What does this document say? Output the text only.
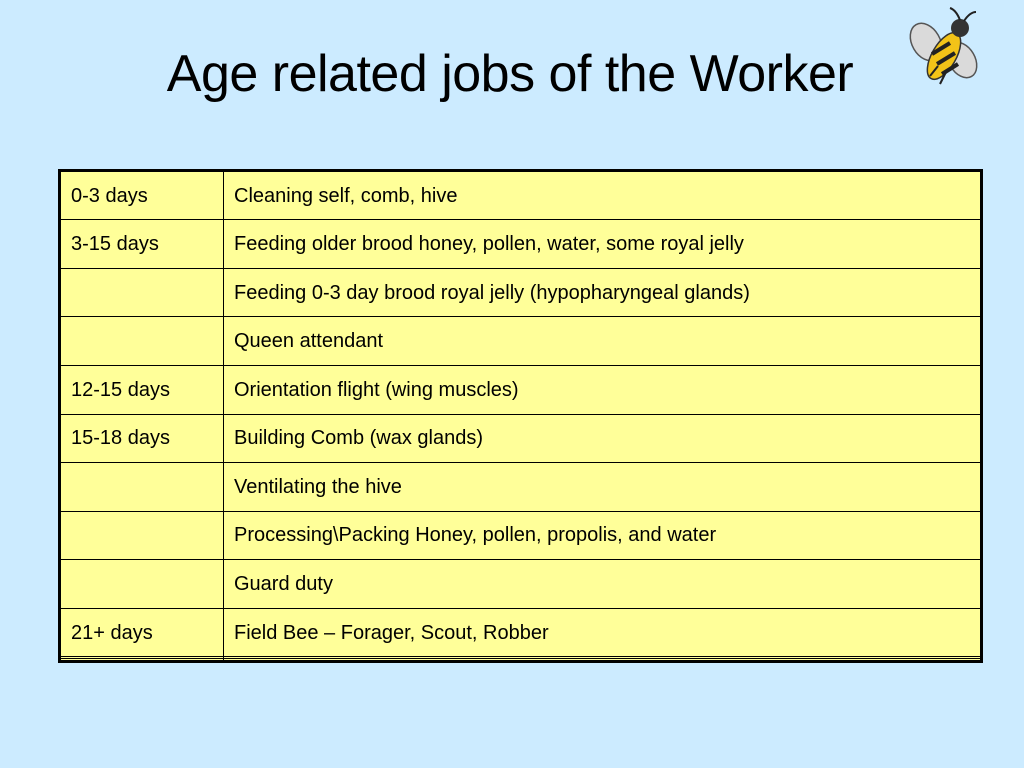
Age related jobs of the Worker
0-3 days	Cleaning self, comb, hive
3-15 days	Feeding older brood honey, pollen, water, some royal jelly
	Feeding 0-3 day brood royal jelly (hypopharyngeal glands)
	Queen attendant
12-15 days	Orientation flight (wing muscles)
15-18 days	Building Comb (wax glands)
	Ventilating the hive
	Processing\Packing Honey, pollen, propolis, and water
	Guard duty
21+ days	Field Bee – Forager, Scout, Robber
